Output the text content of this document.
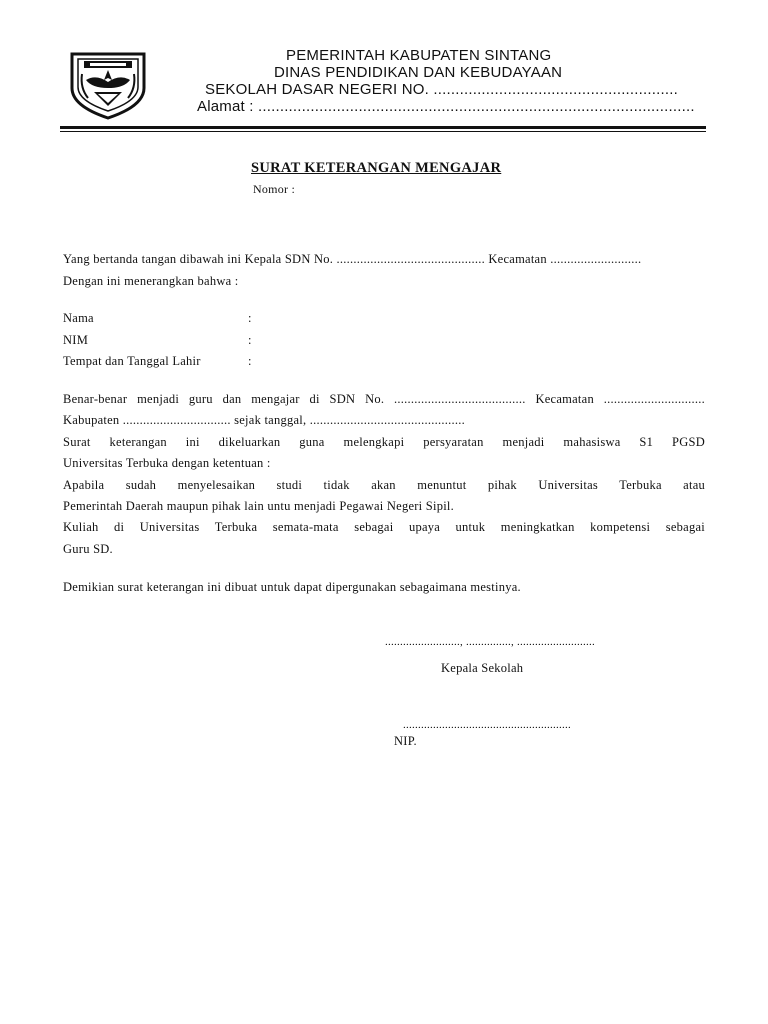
PEMERINTAH KABUPATEN SINTANG
DINAS PENDIDIKAN DAN KEBUDAYAAN
SEKOLAH DASAR NEGERI NO. ........................................................
Alamat : ....................................................................................................
SURAT KETERANGAN MENGAJAR
Nomor :
Yang bertanda tangan dibawah ini Kepala SDN No. ............................................ Kecamatan ...........................
Dengan ini menerangkan bahwa :
Nama	:
NIM	:
Tempat dan Tanggal Lahir	:
Benar-benar menjadi guru dan mengajar di SDN No. ....................................... Kecamatan ..............................
Kabupaten ................................ sejak tanggal, ..............................................
Surat keterangan ini dikeluarkan guna melengkapi persyaratan menjadi mahasiswa S1 PGSD
Universitas Terbuka dengan ketentuan :
Apabila sudah menyelesaikan studi tidak akan menuntut pihak Universitas Terbuka atau
Pemerintah Daerah maupun pihak lain untu menjadi Pegawai Negeri Sipil.
Kuliah di Universitas Terbuka semata-mata sebagai upaya untuk meningkatkan kompetensi sebagai
Guru SD.
Demikian surat keterangan ini dibuat untuk dapat dipergunakan sebagaimana mestinya.
........................., ..............., ..........................
Kepala Sekolah
........................................................
NIP.
